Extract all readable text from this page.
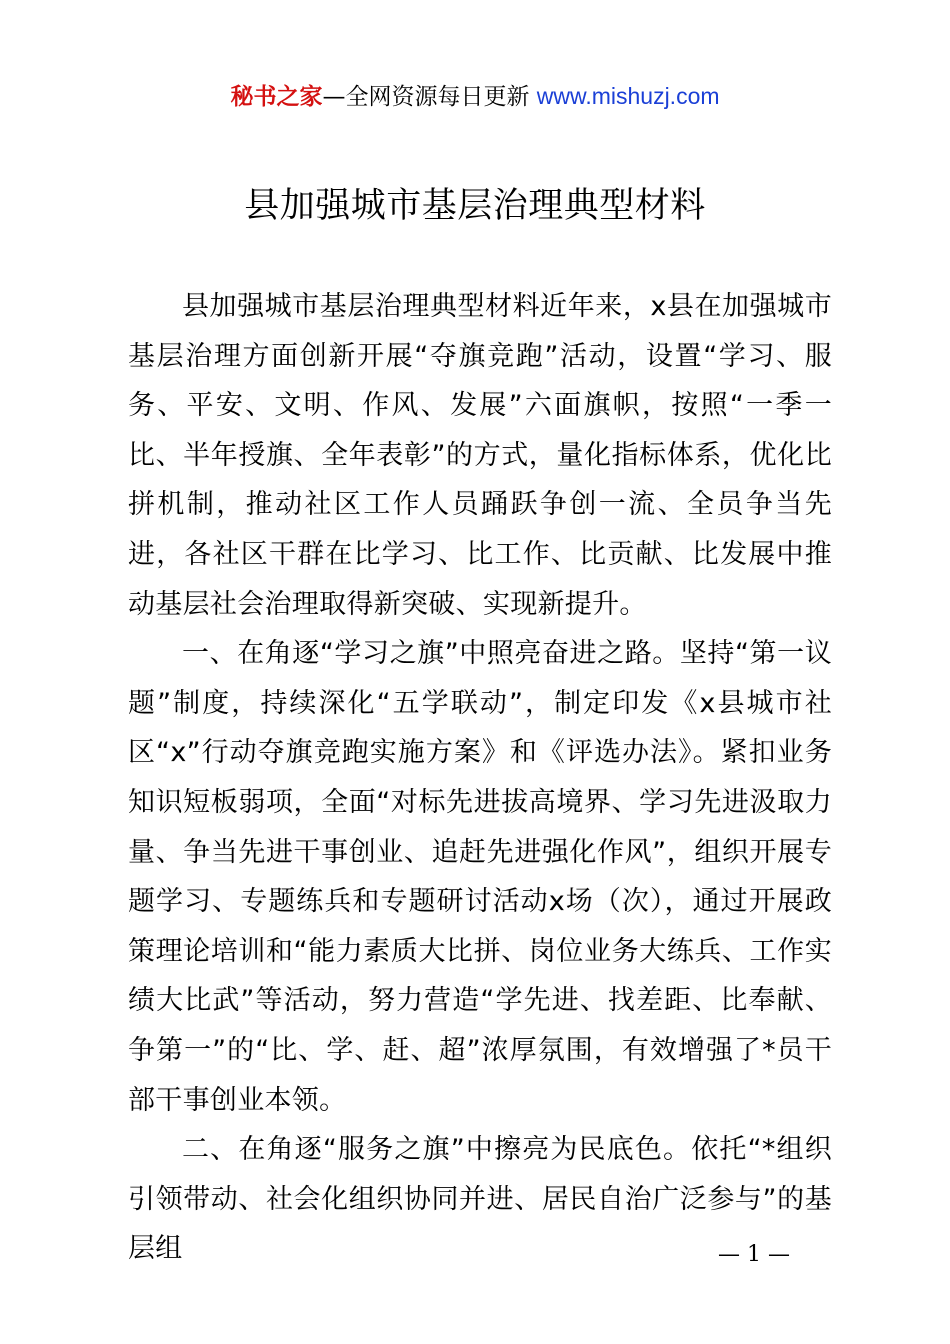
秘书之家—全网资源每日更新 www.mishuzj.com
县加强城市基层治理典型材料

县加强城市基层治理典型材料近年来，x县在加强城市基层治理方面创新开展“夺旗竞跑”活动，设置“学习、服务、平安、文明、作风、发展”六面旗帜，按照“一季一比、半年授旗、全年表彰”的方式，量化指标体系，优化比拼机制，推动社区工作人员踊跃争创一流、全员争当先进，各社区干群在比学习、比工作、比贡献、比发展中推动基层社会治理取得新突破、实现新提升。

一、在角逐“学习之旗”中照亮奋进之路。坚持“第一议题”制度，持续深化“五学联动”，制定印发《x县城市社区“x”行动夺旗竞跑实施方案》和《评选办法》。紧扣业务知识短板弱项，全面“对标先进拔高境界、学习先进汲取力量、争当先进干事创业、追赶先进强化作风”，组织开展专题学习、专题练兵和专题研讨活动x场（次），通过开展政策理论培训和“能力素质大比拼、岗位业务大练兵、工作实绩大比武”等活动，努力营造“学先进、找差距、比奉献、争第一”的“比、学、赶、超”浓厚氛围，有效增强了*员干部干事创业本领。

二、在角逐“服务之旗”中擦亮为民底色。依托“*组织引领带动、社会化组织协同并进、居民自治广泛参与”的基层组	— 1 —
